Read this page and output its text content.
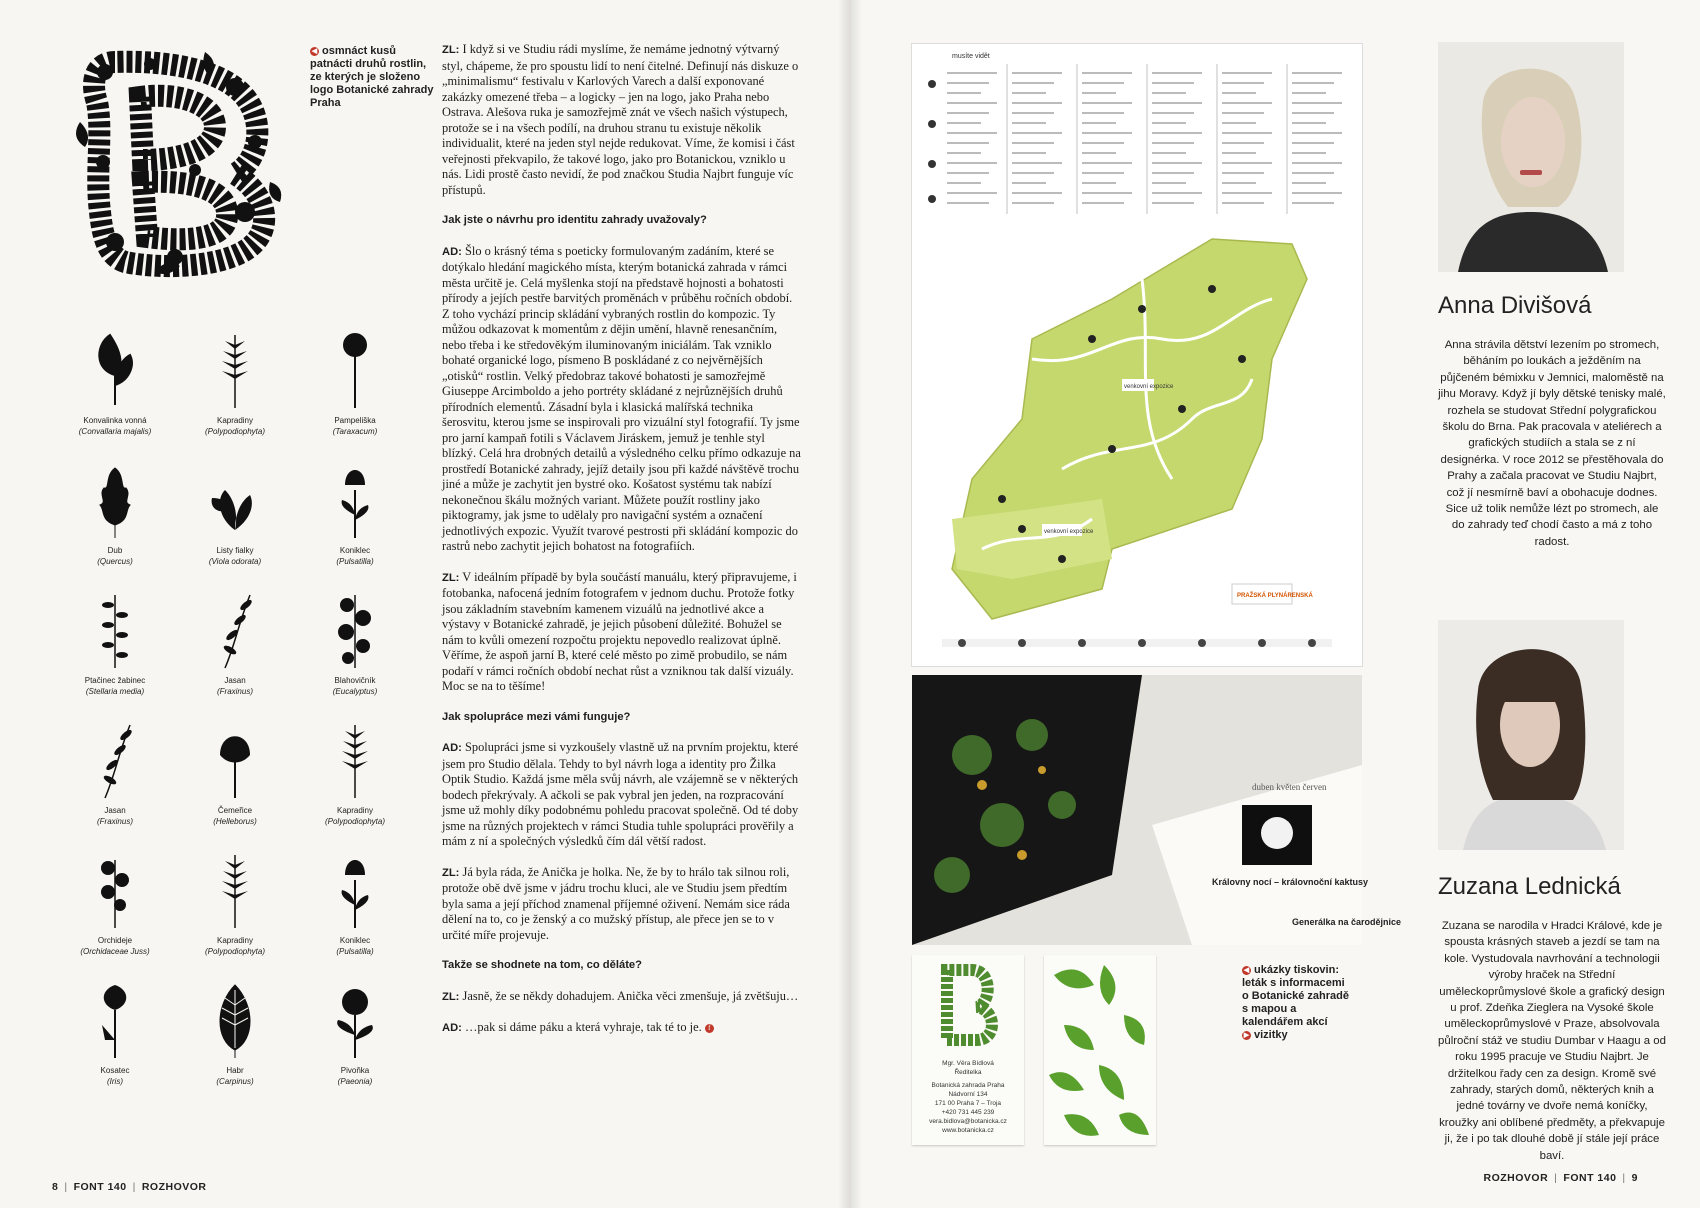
◀ osmnáct kusů patnácti druhů rostlin, ze kterých je složeno logo Botanické zahrady Praha
Konvalinka vonná
(Convallaria majalis)
Kapradiny
(Polypodiophyta)
Pampeliška
(Taraxacum)
Dub
(Quercus)
Listy fialky
(Viola odorata)
Koniklec
(Pulsatilla)
Ptačinec žabinec
(Stellaria media)
Jasan
(Fraxinus)
Blahovičník
(Eucalyptus)
Jasan
(Fraxinus)
Čemeřice
(Helleborus)
Kapradiny
(Polypodiophyta)
Orchideje
(Orchidaceae Juss)
Kapradiny
(Polypodiophyta)
Koniklec
(Pulsatilla)
Kosatec
(Iris)
Habr
(Carpinus)
Pivoňka
(Paeonia)

ZL: I když si ve Studiu rádi myslíme, že nemáme jednotný výtvarný styl, chápeme, že pro spoustu lidí to není čitelné. Definují nás diskuze o „minimalismu“ festivalu v Karlových Varech a další exponované zakázky omezené třeba – a logicky – jen na logo, jako Praha nebo Ostrava. Alešova ruka je samozřejmě znát ve všech našich výstupech, protože se i na všech podílí, na druhou stranu tu existuje několik individualit, které na jeden styl nejde redukovat. Víme, že komisi i část veřejnosti překvapilo, že takové logo, jako pro Botanickou, vzniklo u nás. Lidi prostě často nevidí, že pod značkou Studia Najbrt funguje víc přístupů.

Jak jste o návrhu pro identitu zahrady uvažovaly?

AD: Šlo o krásný téma s poeticky formulovaným zadáním, které se dotýkalo hledání magického místa, kterým botanická zahrada v rámci města určitě je. Celá myšlenka stojí na představě hojnosti a bohatosti přírody a jejích pestře barvitých proměnách v průběhu ročních období. Z toho vychází princip skládání vybraných rostlin do kompozic. Ty můžou odkazovat k momentům z dějin umění, hlavně renesančním, nebo třeba i ke středověkým iluminovaným iniciálám. Tak vzniklo bohaté organické logo, písmeno B poskládané z co nejvěrnějších „otisků“ rostlin. Velký předobraz takové bohatosti je samozřejmě Giuseppe Arcimboldo a jeho portréty skládané z nejrůznějších druhů přírodních elementů. Zásadní byla i klasická malířská technika šerosvitu, kterou jsme se inspirovali pro vizuální styl fotografií. Ty jsme pro jarní kampaň fotili s Václavem Jiráskem, jemuž je tenhle styl blízký. Celá hra drobných detailů a výsledného celku přímo odkazuje na prostředí Botanické zahrady, jejíž detaily jsou při každé návštěvě trochu jiné a může je zachytit jen bystré oko. Košatost systému tak nabízí nekonečnou škálu možných variant. Můžete použít rostliny jako piktogramy, jak jsme to udělaly pro navigační systém a označení jednotlivých expozic. Využít tvarové pestrosti při skládání kompozic do rastrů nebo zachytit jejich bohatost na fotografiích.

ZL: V ideálním případě by byla součástí manuálu, který připravujeme, i fotobanka, nafocená jedním fotografem v jednom duchu. Protože fotky jsou základním stavebním kamenem vizuálů na jednotlivé akce a výstavy v Botanické zahradě, je jejich působení důležité. Bohužel se nám to kvůli omezení rozpočtu projektu nepovedlo realizovat úplně. Věříme, že aspoň jarní B, které celé město po zimě probudilo, se nám podaří v rámci ročních období nechat růst a vzniknou tak další vizuály. Moc se na to těšíme!

Jak spolupráce mezi vámi funguje?

AD: Spolupráci jsme si vyzkoušely vlastně už na prvním projektu, které jsem pro Studio dělala. Tehdy to byl návrh loga a identity pro Žilka Optik Studio. Každá jsme měla svůj návrh, ale vzájemně se v některých bodech překrývaly. A ačkoli se pak vybral jen jeden, na rozpracování jsme už mohly díky podobnému pohledu pracovat společně. Od té doby jsme na různých projektech v rámci Studia tuhle spolupráci prověřily a mám z ní a společných výsledků čím dál větší radost.

ZL: Já byla ráda, že Anička je holka. Ne, že by to hrálo tak silnou roli, protože obě dvě jsme v jádru trochu kluci, ale ve Studiu jsem předtím byla sama a její příchod znamenal příjemné oživení. Nemám sice ráda dělení na to, co je ženský a co mužský přístup, ale přece jen se to v určité míře projevuje.

Takže se shodnete na tom, co děláte?

ZL: Jasně, že se někdy dohadujem. Anička věci zmenšuje, já zvětšuju…

AD: …pak si dáme páku a která vyhraje, tak té to je. f

8 | FONT 140 | ROZHOVOR
musíte vidět
venkovní expozice
venkovní expozice
PRAŽSKÁ PLYNÁRENSKÁ
duben květen červen
Královny nocí – královnoční kaktusy
Generálka na čarodějnice
Mgr. Věra Bídlová
Ředitelka
Botanická zahrada Praha
Nádvorní 134
171 00 Praha 7 – Troja
+420 731 445 239
vera.bidlova@botanicka.cz
www.botanicka.cz
◀ ukázky tiskovin: leták s informacemi o Botanické zahradě s mapou a kalendářem akcí
▶ vizitky
Anna Divišová
Anna strávila dětství lezením po stromech, běháním po loukách a ježděním na půjčeném bémixku v Jemnici, maloměstě na jihu Moravy. Když jí byly dětské tenisky malé, rozhela se studovat Střední polygrafickou školu do Brna. Pak pracovala v ateliérech a grafických studiích a stala se z ní designérka. V roce 2012 se přestěhovala do Prahy a začala pracovat ve Studiu Najbrt, což jí nesmírně baví a obohacuje dodnes. Sice už tolik nemůže lézt po stromech, ale do zahrady teď chodí často a má z toho radost.
Zuzana Lednická
Zuzana se narodila v Hradci Králové, kde je spousta krásných staveb a jezdí se tam na kole. Vystudovala navrhování a technologii výroby hraček na Střední uměleckoprůmyslové škole a grafický design u prof. Zdeňka Zieglera na Vysoké škole uměleckoprůmyslové v Praze, absolvovala půlroční stáž ve studiu Dumbar v Haagu a od roku 1995 pracuje ve Studiu Najbrt. Je držitelkou řady cen za design. Kromě své zahrady, starých domů, některých knih a jedné továrny ve dvoře nemá koníčky, kroužky ani oblíbené předměty, a překvapuje ji, že i po tak dlouhé době jí stále její práce baví.
ROZHOVOR | FONT 140 | 9
